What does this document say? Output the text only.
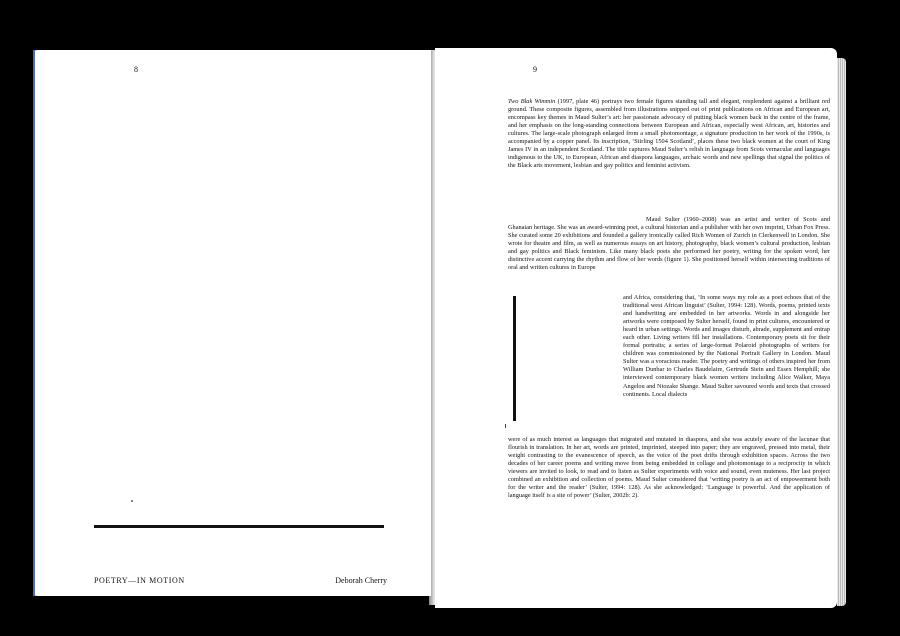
8
POETRY—IN MOTION	Deborah Cherry
9

Two Blak Wimmin (1997, plate 46) portrays two female figures standing tall and elegant, resplendent against a brilliant red ground. These composite figures, assembled from illustrations snipped out of print publications on African and European art, encompass key themes in Maud Sulter’s art: her passionate advocacy of putting black women back in the centre of the frame, and her emphasis on the long-standing connections between European and African, especially west African, art, histories and cultures. The large-scale photograph enlarged from a small photomontage, a signature production in her work of the 1990s, is accompanied by a copper panel. Its inscription, ‘Stirling 1504 Scotland’, places these two black women at the court of King James IV in an independent Scotland. The title captures Maud Sulter’s relish in language from Scots vernacular and languages indigenous to the UK, to European, African and diaspora languages, archaic words and new spellings that signal the politics of the Black arts movement, lesbian and gay politics and feminist activism.

Maud Sulter (1960–2008) was an artist and writer of Scots and Ghanaian heritage. She was an award-winning poet, a cultural historian and a publisher with her own imprint, Urban Fox Press. She curated some 20 exhibitions and founded a gallery ironically called Rich Women of Zurich in Clerkenwell in London. She wrote for theatre and film, as well as numerous essays on art history, photography, black women’s cultural production, lesbian and gay politics and Black feminism. Like many black poets she performed her poetry, writing for the spoken word, her distinctive accent carrying the rhythm and flow of her words (figure 1). She positioned herself within intersecting traditions of oral and written cultures in Europe

and Africa, considering that, ‘In some ways my role as a poet echoes that of the traditional west African linguist’ (Sulter, 1994: 128). Words, poems, printed texts and handwriting are embedded in her artworks. Words in and alongside her artworks were composed by Sulter herself, found in print cultures, encountered or heard in urban settings. Words and images disturb, abrade, supplement and entrap each other. Living writers fill her installations. Contemporary poets sit for their formal portraits; a series of large-format Polaroid photographs of writers for children was commissioned by the National Portrait Gallery in London. Maud Sulter was a voracious reader. The poetry and writings of others inspired her from William Dunbar to Charles Baudelaire, Gertrude Stein and Essex Hemphill; she interviewed contemporary black women writers including Alice Walker, Maya Angelou and Ntozake Shange. Maud Sulter savoured words and texts that crossed continents. Local dialects

were of as much interest as languages that migrated and mutated in diaspora, and she was acutely aware of the lacunae that flourish in translation. In her art, words are printed, imprinted, steeped into paper; they are engraved, pressed into metal, their weight contrasting to the evanescence of speech, as the voice of the poet drifts through exhibition spaces. Across the two decades of her career poems and writing move from being embedded in collage and photomontage to a reciprocity in which viewers are invited to look, to read and to listen as Sulter experiments with voice and sound, even muteness. Her last project combined an exhibition and collection of poems. Maud Sulter considered that ‘writing poetry is an act of empowerment both for the writer and the reader’ (Sulter, 1994: 128). As she acknowledged: ‘Language is powerful. And the application of language itself is a site of power’ (Sulter, 2002b: 2).
